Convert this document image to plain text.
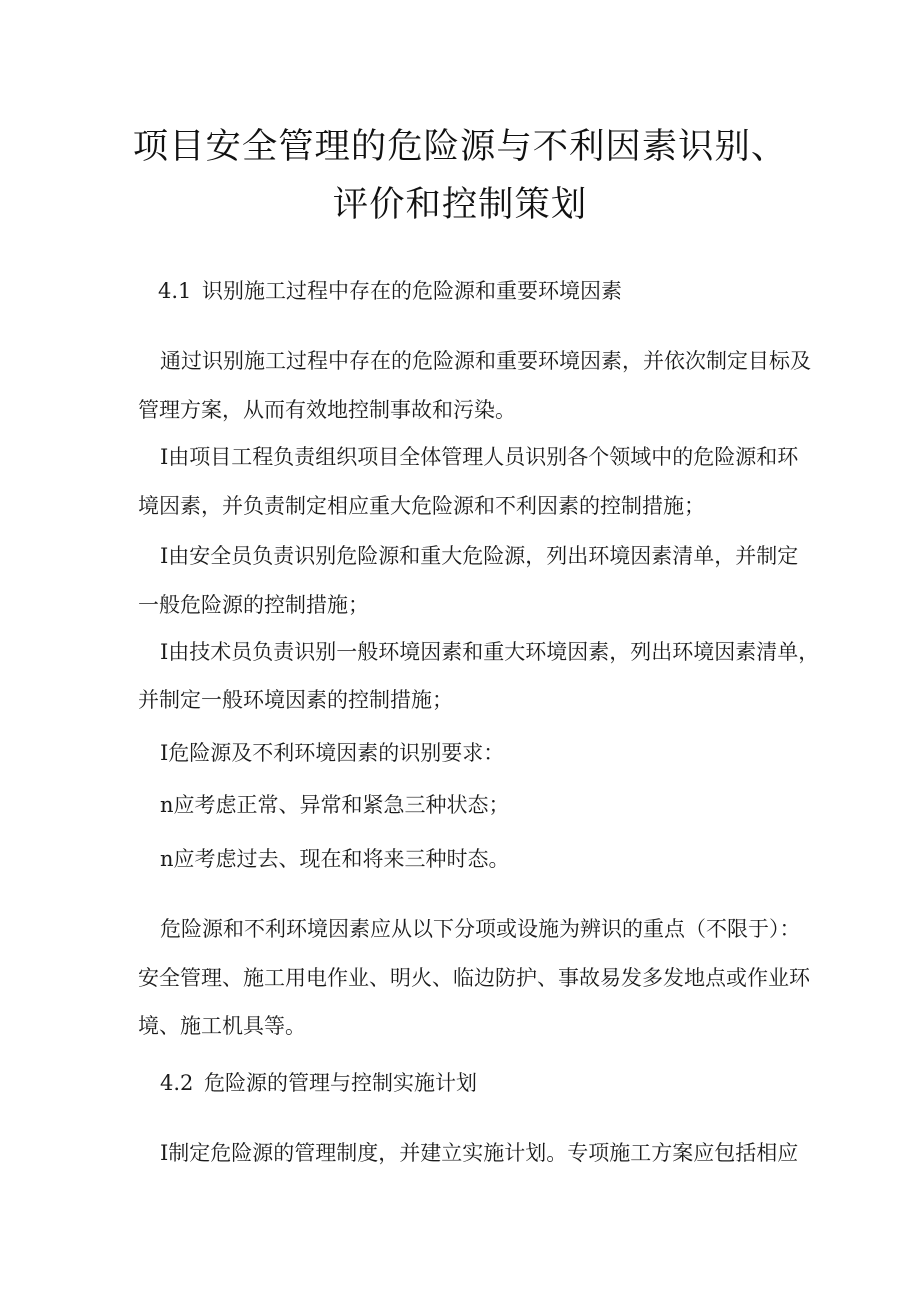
项目安全管理的危险源与不利因素识别、
评价和控制策划
4.1 识别施工过程中存在的危险源和重要环境因素
通过识别施工过程中存在的危险源和重要环境因素，并依次制定目标及
管理方案，从而有效地控制事故和污染。
I由项目工程负责组织项目全体管理人员识别各个领域中的危险源和环
境因素，并负责制定相应重大危险源和不利因素的控制措施；
I由安全员负责识别危险源和重大危险源，列出环境因素清单，并制定
一般危险源的控制措施；
I由技术员负责识别一般环境因素和重大环境因素，列出环境因素清单，
并制定一般环境因素的控制措施；
I危险源及不利环境因素的识别要求：
n应考虑正常、异常和紧急三种状态；
n应考虑过去、现在和将来三种时态。
危险源和不利环境因素应从以下分项或设施为辨识的重点（不限于）：
安全管理、施工用电作业、明火、临边防护、事故易发多发地点或作业环
境、施工机具等。
4.2 危险源的管理与控制实施计划
I制定危险源的管理制度，并建立实施计划。专项施工方案应包括相应
